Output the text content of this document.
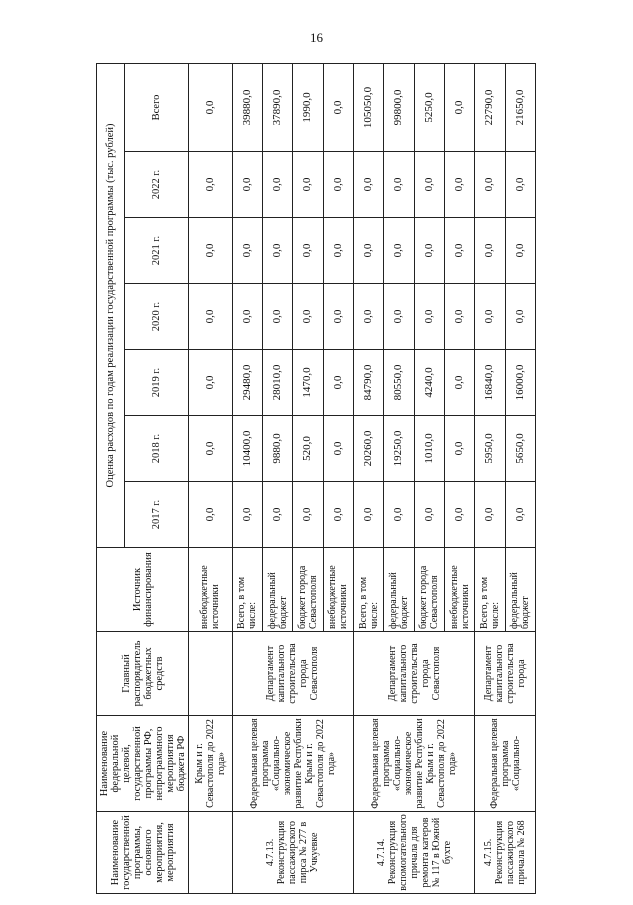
16
Наименование государственной программы, основного мероприятия, мероприятия	Наименование федеральной целевой, государственной программы РФ, непрограммного мероприятия бюджета РФ	Главный распорядитель бюджетных средств	Источник финансирования	Оценка расходов по годам реализации государственной программы (тыс. рублей)						
				2017 г.	2018 г.	2019 г.	2020 г.	2021 г.	2022 г.	Всего
	Крым и г. Севастополя до 2022 года»		внебюджетные источники	0,0	0,0	0,0	0,0	0,0	0,0	0,0
4.7.13. Реконструкция пассажирского пирса № 277 в Учкуевке	Федеральная целевая программа «Социально-экономическое развитие Республики Крым и г. Севастополя до 2022 года»	Департамент капитального строительства города Севастополя	Всего, в том числе:	0,0	10400,0	29480,0	0,0	0,0	0,0	39880,0
			федеральный бюджет	0,0	9880,0	28010,0	0,0	0,0	0,0	37890,0
			бюджет города Севастополя	0,0	520,0	1470,0	0,0	0,0	0,0	1990,0
			внебюджетные источники	0,0	0,0	0,0	0,0	0,0	0,0	0,0
4.7.14. Реконструкция вспомогательного причала для ремонта катеров № 117 в Южной бухте	Федеральная целевая программа «Социально-экономическое развитие Республики Крым и г. Севастополя до 2022 года»	Департамент капитального строительства города Севастополя	Всего, в том числе:	0,0	20260,0	84790,0	0,0	0,0	0,0	105050,0
			федеральный бюджет	0,0	19250,0	80550,0	0,0	0,0	0,0	99800,0
			бюджет города Севастополя	0,0	1010,0	4240,0	0,0	0,0	0,0	5250,0
			внебюджетные источники	0,0	0,0	0,0	0,0	0,0	0,0	0,0
4.7.15. Реконструкция пассажирского причала № 268	Федеральная целевая программа «Социально-	Департамент капитального строительства города	Всего, в том числе:	0,0	5950,0	16840,0	0,0	0,0	0,0	22790,0
			федеральный бюджет	0,0	5650,0	16000,0	0,0	0,0	0,0	21650,0
